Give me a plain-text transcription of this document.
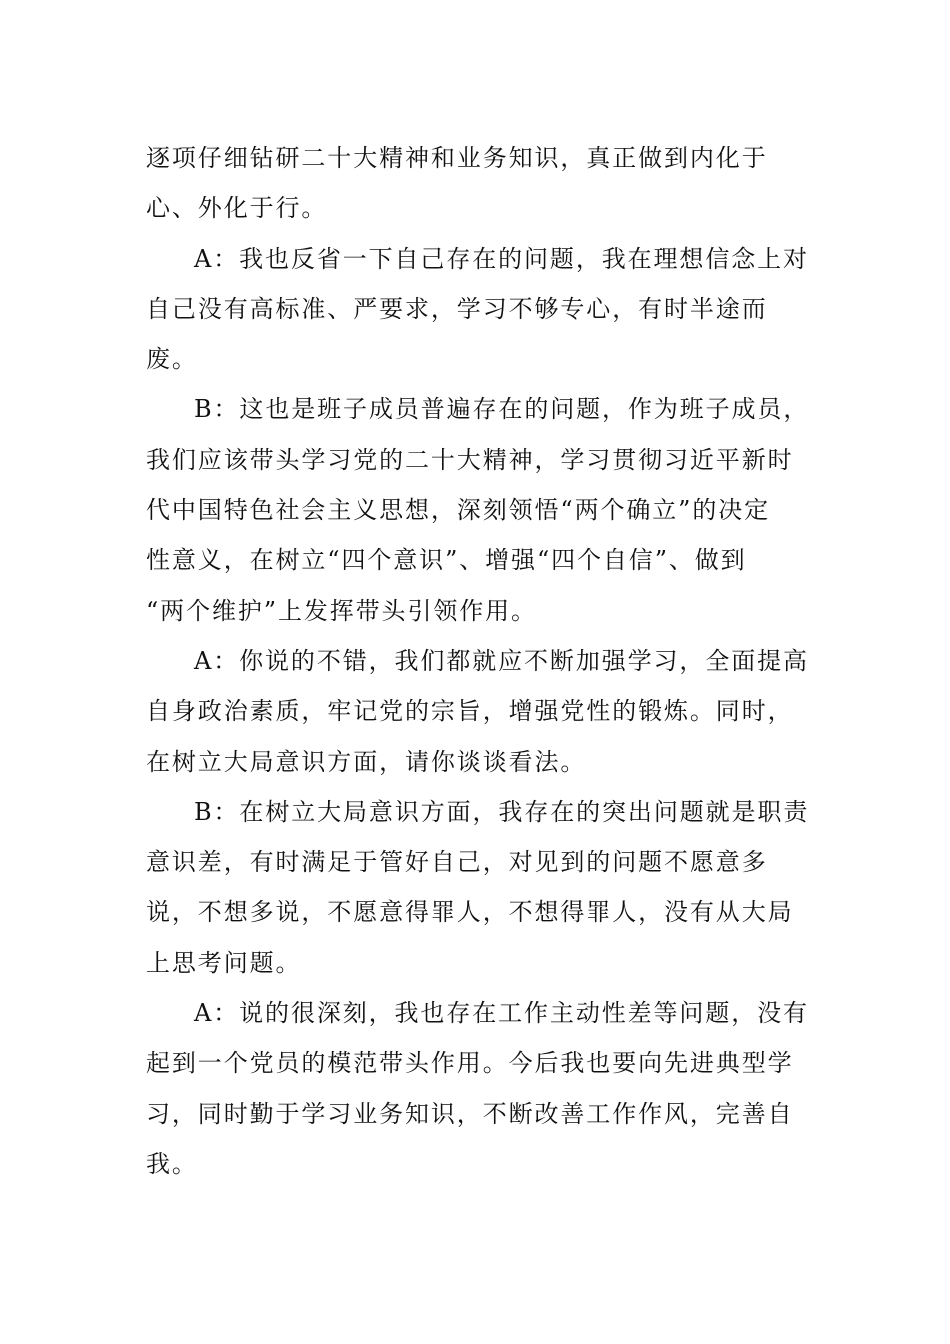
逐项仔细钻研二十大精神和业务知识，真正做到内化于
心、外化于行。
A：我也反省一下自己存在的问题，我在理想信念上对
自己没有高标准、严要求，学习不够专心，有时半途而
废。
B：这也是班子成员普遍存在的问题，作为班子成员，
我们应该带头学习党的二十大精神，学习贯彻习近平新时
代中国特色社会主义思想，深刻领悟“两个确立”的决定
性意义，在树立“四个意识”、增强“四个自信”、做到
“两个维护”上发挥带头引领作用。
A：你说的不错，我们都就应不断加强学习，全面提高
自身政治素质，牢记党的宗旨，增强党性的锻炼。同时，
在树立大局意识方面，请你谈谈看法。
B：在树立大局意识方面，我存在的突出问题就是职责
意识差，有时满足于管好自己，对见到的问题不愿意多
说，不想多说，不愿意得罪人，不想得罪人，没有从大局
上思考问题。
A：说的很深刻，我也存在工作主动性差等问题，没有
起到一个党员的模范带头作用。今后我也要向先进典型学
习，同时勤于学习业务知识，不断改善工作作风，完善自
我。
